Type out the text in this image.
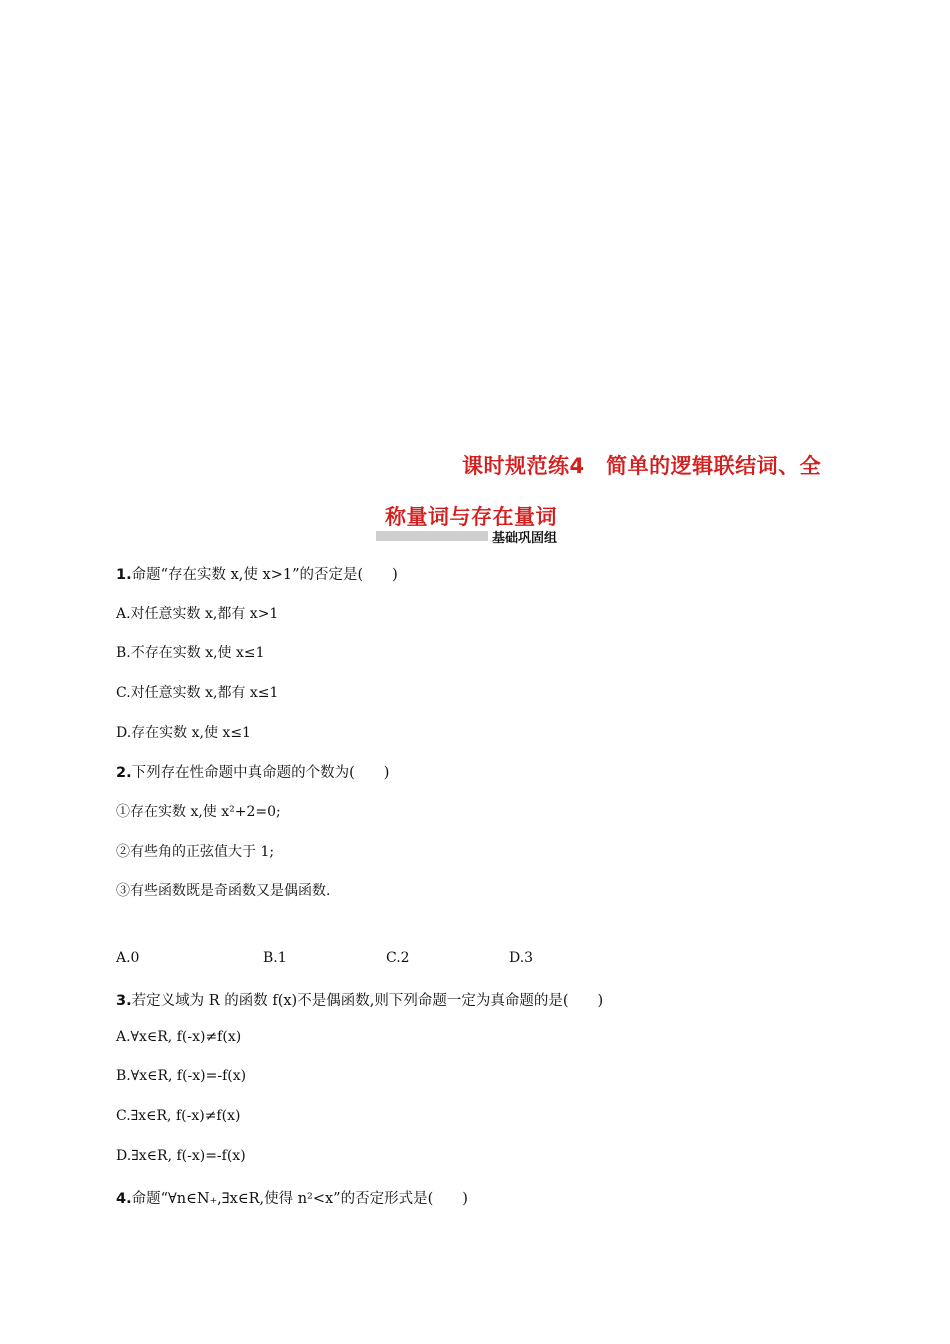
课时规范练4　简单的逻辑联结词、全
称量词与存在量词
基础巩固组
1.命题“存在实数 x,使 x>1”的否定是(　　)
A.对任意实数 x,都有 x>1
B.不存在实数 x,使 x≤1
C.对任意实数 x,都有 x≤1
D.存在实数 x,使 x≤1
2.下列存在性命题中真命题的个数为(　　)
①存在实数 x,使 x²+2=0;
②有些角的正弦值大于 1;
③有些函数既是奇函数又是偶函数.
A.0	B.1	C.2	D.3
3.若定义域为 R 的函数 f(x)不是偶函数,则下列命题一定为真命题的是(　　)
A.∀x∈R, f(-x)≠f(x)
B.∀x∈R, f(-x)=-f(x)
C.∃x∈R, f(-x)≠f(x)
D.∃x∈R, f(-x)=-f(x)
4.命题“∀n∈N₊,∃x∈R,使得 n²<x”的否定形式是(　　)
